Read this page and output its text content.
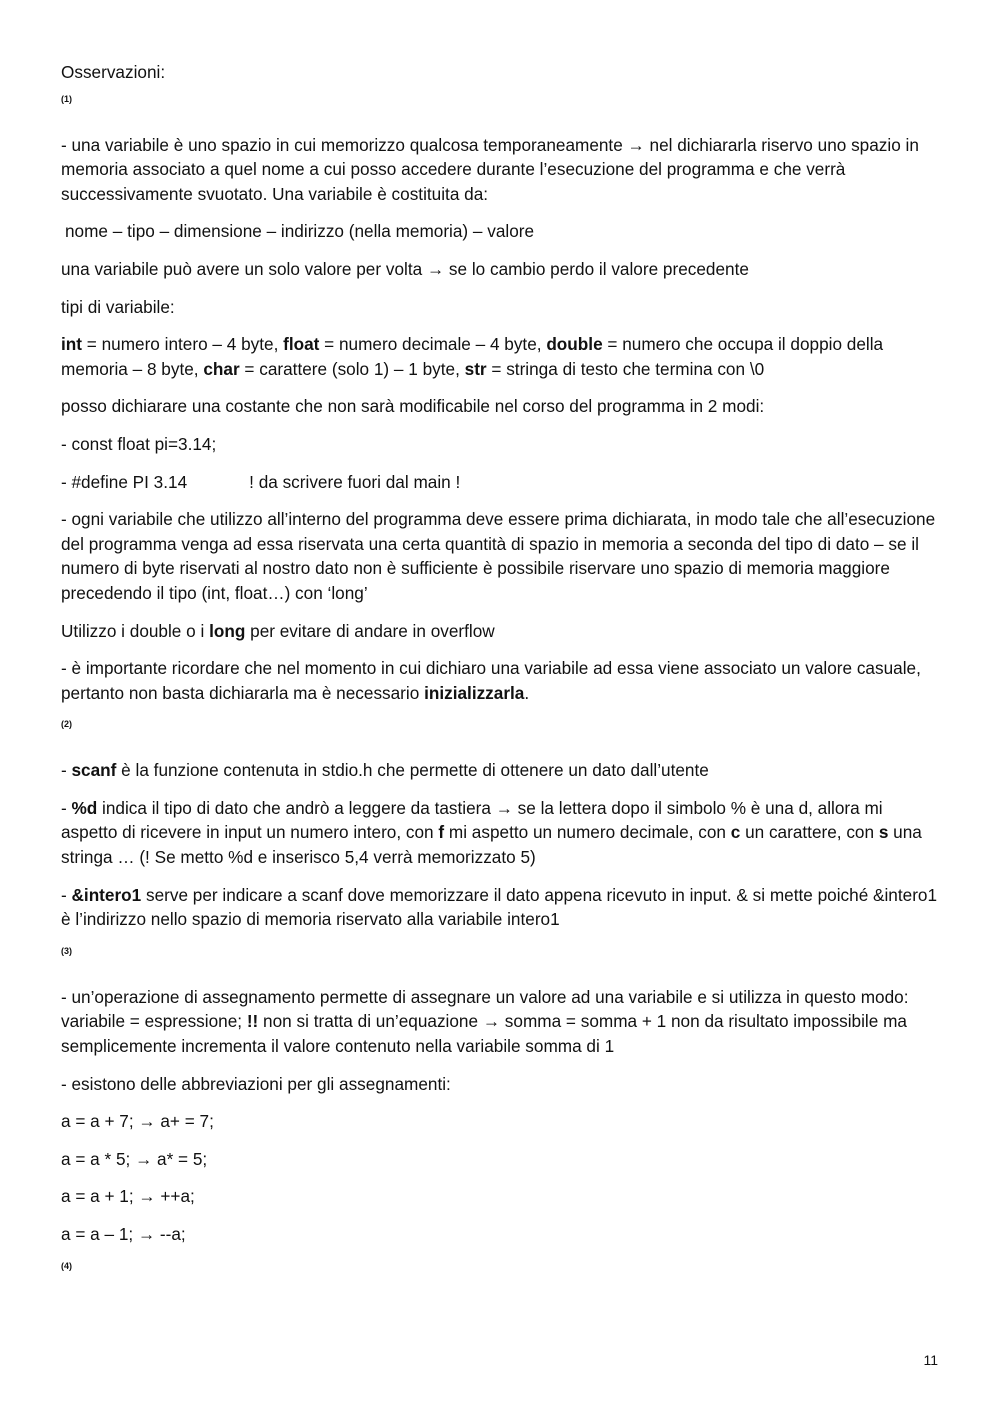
Osservazioni:

(1)

- una variabile è uno spazio in cui memorizzo qualcosa temporaneamente → nel dichiararla riservo uno spazio in memoria associato a quel nome a cui posso accedere durante l’esecuzione del programma e che verrà successivamente svuotato. Una variabile è costituita da:

nome – tipo – dimensione – indirizzo (nella memoria) – valore

una variabile può avere un solo valore per volta → se lo cambio perdo il valore precedente

tipi di variabile:

int = numero intero – 4 byte, float = numero decimale – 4 byte, double = numero che occupa il doppio della memoria – 8 byte, char = carattere (solo 1) – 1 byte, str = stringa di testo che termina con \0

posso dichiarare una costante che non sarà modificabile nel corso del programma in 2 modi:

- const float pi=3.14;

- #define PI 3.14	! da scrivere fuori dal main !

- ogni variabile che utilizzo all’interno del programma deve essere prima dichiarata, in modo tale che all’esecuzione del programma venga ad essa riservata una certa quantità di spazio in memoria a seconda del tipo di dato – se il numero di byte riservati al nostro dato non è sufficiente è possibile riservare uno spazio di memoria maggiore precedendo il tipo (int, float…) con ‘long’

Utilizzo i double o i long per evitare di andare in overflow

- è importante ricordare che nel momento in cui dichiaro una variabile ad essa viene associato un valore casuale, pertanto non basta dichiararla ma è necessario inizializzarla.

(2)

- scanf è la funzione contenuta in stdio.h che permette di ottenere un dato dall’utente

- %d indica il tipo di dato che andrò a leggere da tastiera → se la lettera dopo il simbolo % è una d, allora mi aspetto di ricevere in input un numero intero, con f mi aspetto un numero decimale, con c un carattere, con s una stringa … (! Se metto %d e inserisco 5,4 verrà memorizzato 5)

- &intero1 serve per indicare a scanf dove memorizzare il dato appena ricevuto in input. & si mette poiché &intero1 è l’indirizzo nello spazio di memoria riservato alla variabile intero1

(3)

- un’operazione di assegnamento permette di assegnare un valore ad una variabile e si utilizza in questo modo: variabile = espressione; !! non si tratta di un’equazione → somma = somma + 1 non da risultato impossibile ma semplicemente incrementa il valore contenuto nella variabile somma di 1

- esistono delle abbreviazioni per gli assegnamenti:

a = a + 7; → a+ = 7;

a = a * 5; → a* = 5;

a = a + 1; → ++a;

a = a – 1; → --a;

(4)
11
